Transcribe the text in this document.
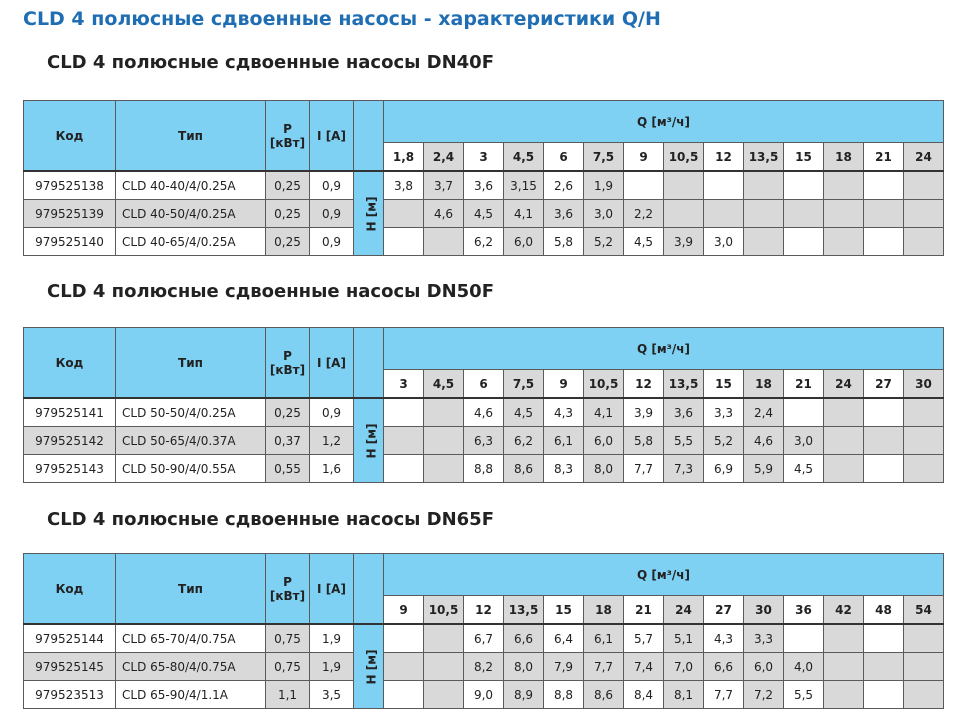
CLD 4 полюсные сдвоенные насосы - характеристики Q/H
CLD 4 полюсные сдвоенные насосы DN40F
Код	Тип	P [кВт]	I [A]		Q [м³/ч]													
					1,8	2,4	3	4,5	6	7,5	9	10,5	12	13,5	15	18	21	24
979525138	CLD 40-40/4/0.25A	0,25	0,9	H [м]	3,8	3,7	3,6	3,15	2,6	1,9								
979525139	CLD 40-50/4/0.25A	0,25	0,9			4,6	4,5	4,1	3,6	3,0	2,2							
979525140	CLD 40-65/4/0.25A	0,25	0,9				6,2	6,0	5,8	5,2	4,5	3,9	3,0					
CLD 4 полюсные сдвоенные насосы DN50F
Код	Тип	P [кВт]	I [A]		Q [м³/ч]													
					3	4,5	6	7,5	9	10,5	12	13,5	15	18	21	24	27	30
979525141	CLD 50-50/4/0.25A	0,25	0,9	H [м]			4,6	4,5	4,3	4,1	3,9	3,6	3,3	2,4				
979525142	CLD 50-65/4/0.37A	0,37	1,2				6,3	6,2	6,1	6,0	5,8	5,5	5,2	4,6	3,0			
979525143	CLD 50-90/4/0.55A	0,55	1,6				8,8	8,6	8,3	8,0	7,7	7,3	6,9	5,9	4,5			
CLD 4 полюсные сдвоенные насосы DN65F
Код	Тип	P [кВт]	I [A]		Q [м³/ч]													
					9	10,5	12	13,5	15	18	21	24	27	30	36	42	48	54
979525144	CLD 65-70/4/0.75A	0,75	1,9	H [м]			6,7	6,6	6,4	6,1	5,7	5,1	4,3	3,3				
979525145	CLD 65-80/4/0.75A	0,75	1,9				8,2	8,0	7,9	7,7	7,4	7,0	6,6	6,0	4,0			
979523513	CLD 65-90/4/1.1A	1,1	3,5				9,0	8,9	8,8	8,6	8,4	8,1	7,7	7,2	5,5			
